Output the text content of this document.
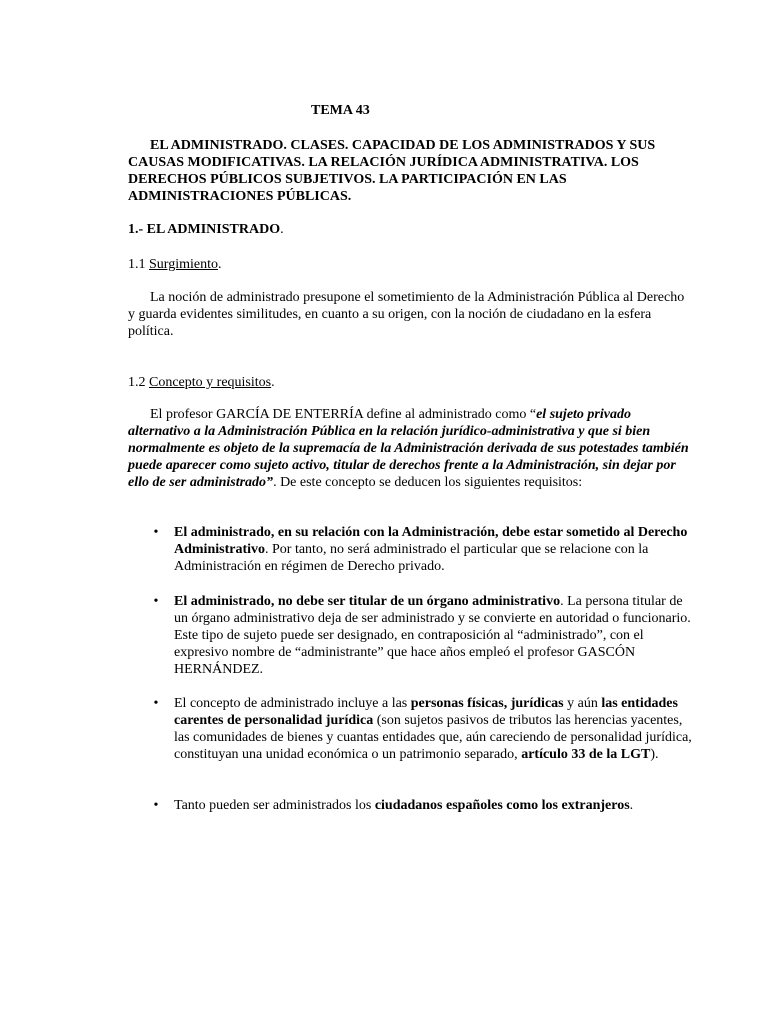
TEMA 43

EL ADMINISTRADO. CLASES. CAPACIDAD DE LOS ADMINISTRADOS Y SUS CAUSAS MODIFICATIVAS. LA RELACIÓN JURÍDICA ADMINISTRATIVA. LOS DERECHOS PÚBLICOS SUBJETIVOS. LA PARTICIPACIÓN EN LAS ADMINISTRACIONES PÚBLICAS.

1.- EL ADMINISTRADO.

1.1 Surgimiento.

La noción de administrado presupone el sometimiento de la Administración Pública al Derecho y guarda evidentes similitudes, en cuanto a su origen, con la noción de ciudadano en la esfera política.

1.2 Concepto y requisitos.

El profesor GARCÍA DE ENTERRÍA define al administrado como “el sujeto privado alternativo a la Administración Pública en la relación jurídico-administrativa y que si bien normalmente es objeto de la supremacía de la Administración derivada de sus potestades también puede aparecer como sujeto activo, titular de derechos frente a la Administración, sin dejar por ello de ser administrado”. De este concepto se deducen los siguientes requisitos:

• El administrado, en su relación con la Administración, debe estar sometido al Derecho Administrativo. Por tanto, no será administrado el particular que se relacione con la Administración en régimen de Derecho privado.
• El administrado, no debe ser titular de un órgano administrativo. La persona titular de un órgano administrativo deja de ser administrado y se convierte en autoridad o funcionario. Este tipo de sujeto puede ser designado, en contraposición al “administrado”, con el expresivo nombre de “administrante” que hace años empleó el profesor GASCÓN HERNÁNDEZ.
• El concepto de administrado incluye a las personas físicas, jurídicas y aún las entidades carentes de personalidad jurídica (son sujetos pasivos de tributos las herencias yacentes, las comunidades de bienes y cuantas entidades que, aún careciendo de personalidad jurídica, constituyan una unidad económica o un patrimonio separado, artículo 33 de la LGT).
• Tanto pueden ser administrados los ciudadanos españoles como los extranjeros.
